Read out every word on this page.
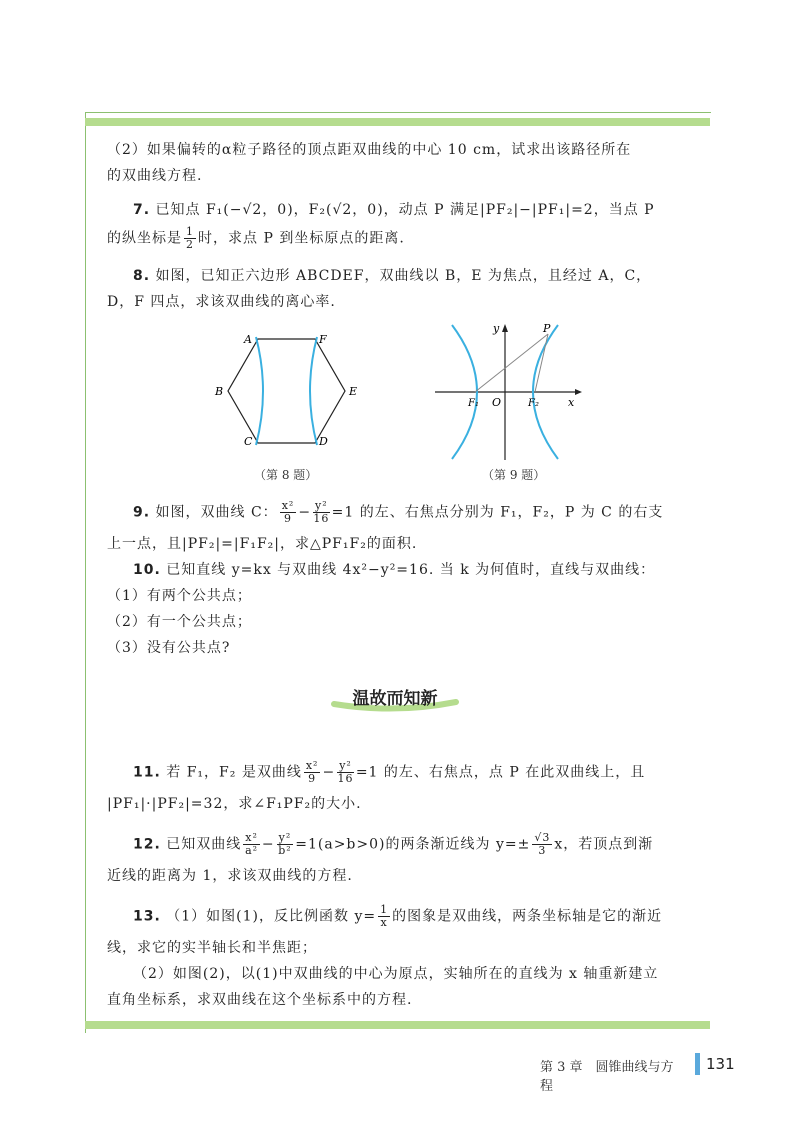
（2）如果偏转的α粒子路径的顶点距双曲线的中心 10 cm，试求出该路径所在
的双曲线方程.
7. 已知点 F₁(−√2，0)，F₂(√2，0)，动点 P 满足|PF₂|−|PF₁|=2，当点 P
的纵坐标是 $\frac{1}{2}$ 时，求点 P 到坐标原点的距离.
8. 如图，已知正六边形 ABCDEF，双曲线以 B，E 为焦点，且经过 A，C，
D，F 四点，求该双曲线的离心率.
A	F
B	E
C	D
（第 8 题）
y
x
P
F₁ O	F₂
（第 9 题）
9. 如图，双曲线 C： $\frac{\text{x²}}{9} - \frac{\text{y²}}{16} =1$ 的左、右焦点分别为 F₁，F₂，P 为 C 的右支
上一点，且|PF₂|=|F₁F₂|，求△PF₁F₂的面积.
10. 已知直线 y=kx 与双曲线 4x²−y²=16. 当 k 为何值时，直线与双曲线：
（1）有两个公共点；
（2）有一个公共点；
（3）没有公共点?
温故而知新
11. 若 F₁，F₂ 是双曲线 $\frac{\text{x²}}{9} - \frac{\text{y²}}{16} =1$ 的左、右焦点，点 P 在此双曲线上，且
|PF₁|·|PF₂|=32，求∠F₁PF₂的大小.
12. 已知双曲线 $\frac{\text{x²}}{\text{a²}} - \frac{\text{y²}}{\text{b²}} =1(a>b>0)$的两条渐近线为 $y=\pm \frac{√3}{3}$ x，若顶点到渐
近线的距离为 1，求该双曲线的方程.
13. （1）如图(1)，反比例函数 $y= \frac{1}{x}$ 的图象是双曲线，两条坐标轴是它的渐近
线，求它的实半轴长和半焦距；
（2）如图(2)，以(1)中双曲线的中心为原点，实轴所在的直线为 x 轴重新建立
直角坐标系，求双曲线在这个坐标系中的方程.
第 3 章　圆锥曲线与方程
131
